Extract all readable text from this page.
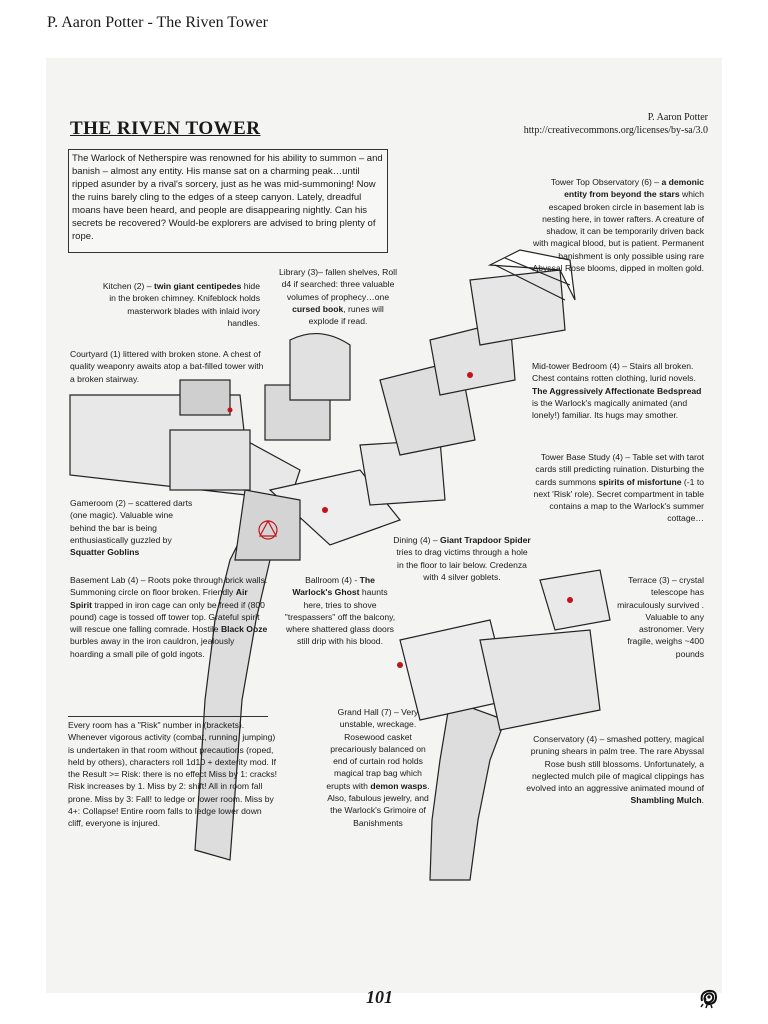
P. Aaron Potter - The Riven Tower
THE RIVEN TOWER
P. Aaron Potter
http://creativecommons.org/licenses/by-sa/3.0
The Warlock of Netherspire was renowned for his ability to summon – and banish – almost any entity. His manse sat on a charming peak…until ripped asunder by a rival's sorcery, just as he was mid-summoning! Now the ruins barely cling to the edges of a steep canyon. Lately, dreadful moans have been heard, and people are disappearing nightly. Can his secrets be recovered? Would-be explorers are advised to bring plenty of rope.
Kitchen (2) – twin giant centipedes hide in the broken chimney. Knifeblock holds masterwork blades with inlaid ivory handles.
Library (3)– fallen shelves, Roll d4 if searched: three valuable volumes of prophecy…one cursed book, runes will explode if read.
Courtyard (1) littered with broken stone. A chest of quality weaponry awaits atop a bat-filled tower with a broken stairway.
Tower Top Observatory (6) – a demonic entity from beyond the stars which escaped broken circle in basement lab is nesting here, in tower rafters. A creature of shadow, it can be temporarily driven back with magical blood, but is patient. Permanent banishment is only possible using rare Abyssal Rose blooms, dipped in molten gold.
Mid-tower Bedroom (4) – Stairs all broken. Chest contains rotten clothing, lurid novels. The Aggressively Affectionate Bedspread is the Warlock's magically animated (and lonely!) familiar. Its hugs may smother.
Tower Base Study (4) – Table set with tarot cards still predicting ruination. Disturbing the cards summons spirits of misfortune (-1 to next 'Risk' role). Secret compartment in table contains a map to the Warlock's summer cottage…
Gameroom (2) – scattered darts (one magic). Valuable wine behind the bar is being enthusiastically guzzled by Squatter Goblins
Dining (4) – Giant Trapdoor Spider tries to drag victims through a hole in the floor to lair below. Credenza with 4 silver goblets.
Basement Lab (4) – Roots poke through brick walls. Summoning circle on floor broken. Friendly Air Spirit trapped in iron cage can only be freed if (800 pound) cage is tossed off tower top. Grateful spirit will rescue one falling comrade. Hostile Black Ooze burbles away in the iron cauldron, jealously hoarding a small pile of gold ingots.
Ballroom (4) - The Warlock's Ghost haunts here, tries to shove "trespassers" off the balcony, where shattered glass doors still drip with his blood.
Terrace (3) – crystal telescope has miraculously survived . Valuable to any astronomer. Very fragile, weighs ~400 pounds
Every room has a "Risk" number in (brackets). Whenever vigorous activity (combat, running, jumping) is undertaken in that room without precautions (roped, held by others), characters roll 1d10 + dexterity mod. If the Result >= Risk: there is no effect Miss by 1: cracks! Risk increases by 1. Miss by 2: shift! All in room fall prone. Miss by 3: Fall! to ledge or lower room. Miss by 4+: Collapse! Entire room falls to ledge lower down cliff, everyone is injured.
Grand Hall (7) – Very unstable, wreckage. Rosewood casket precariously balanced on end of curtain rod holds magical trap bag which erupts with demon wasps. Also, fabulous jewelry, and the Warlock's Grimoire of Banishments
Conservatory (4) – smashed pottery, magical pruning shears in palm tree. The rare Abyssal Rose bush still blossoms. Unfortunately, a neglected mulch pile of magical clippings has evolved into an aggressive animated mound of Shambling Mulch.
101
